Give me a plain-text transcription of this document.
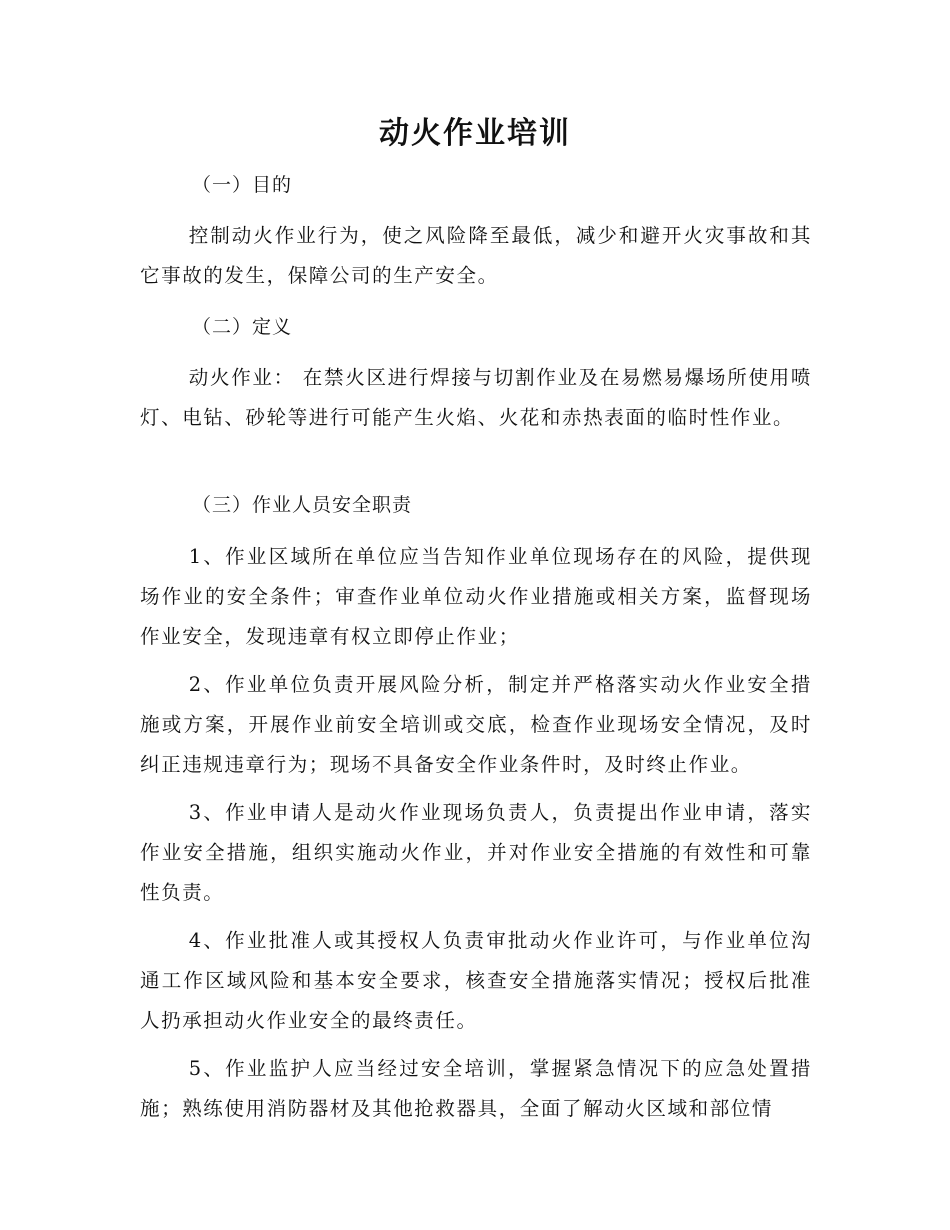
动火作业培训
（一）目的

控制动火作业行为，使之风险降至最低，减少和避开火灾事故和其它事故的发生，保障公司的生产安全。

（二）定义

动火作业： 在禁火区进行焊接与切割作业及在易燃易爆场所使用喷灯、电钻、砂轮等进行可能产生火焰、火花和赤热表面的临时性作业。

（三）作业人员安全职责

1、作业区域所在单位应当告知作业单位现场存在的风险，提供现场作业的安全条件；审查作业单位动火作业措施或相关方案，监督现场作业安全，发现违章有权立即停止作业；

2、作业单位负责开展风险分析，制定并严格落实动火作业安全措施或方案，开展作业前安全培训或交底，检查作业现场安全情况，及时纠正违规违章行为；现场不具备安全作业条件时，及时终止作业。

3、作业申请人是动火作业现场负责人，负责提出作业申请，落实作业安全措施，组织实施动火作业，并对作业安全措施的有效性和可靠性负责。

4、作业批准人或其授权人负责审批动火作业许可，与作业单位沟通工作区域风险和基本安全要求，核查安全措施落实情况；授权后批准人扔承担动火作业安全的最终责任。

5、作业监护人应当经过安全培训，掌握紧急情况下的应急处置措施；熟练使用消防器材及其他抢救器具，全面了解动火区域和部位情
